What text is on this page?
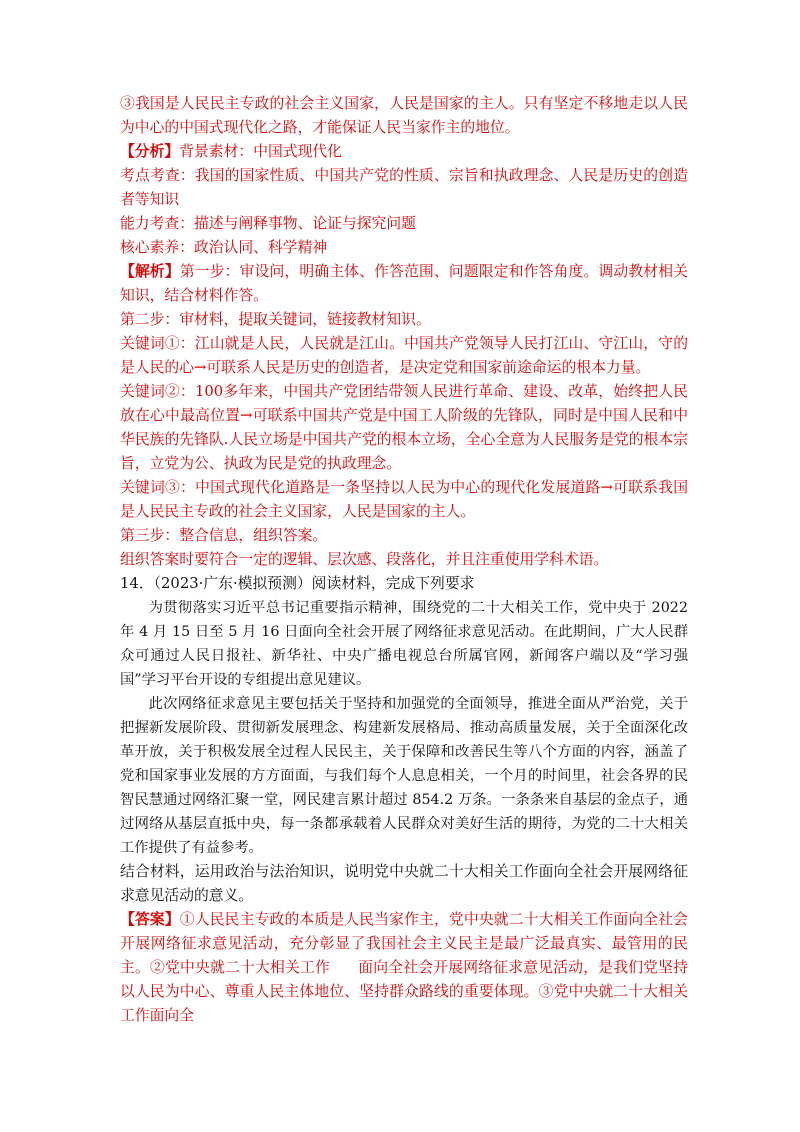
③我国是人民民主专政的社会主义国家，人民是国家的主人。只有坚定不移地走以人民为中心的中国式现代化之路，才能保证人民当家作主的地位。

【分析】背景素材：中国式现代化

考点考查：我国的国家性质、中国共产党的性质、宗旨和执政理念、人民是历史的创造者等知识

能力考查：描述与阐释事物、论证与探究问题

核心素养：政治认同、科学精神

【解析】第一步：审设问，明确主体、作答范围、问题限定和作答角度。调动教材相关知识，结合材料作答。

第二步：审材料，提取关键词，链接教材知识。

关键词①：江山就是人民，人民就是江山。中国共产党领导人民打江山、守江山，守的是人民的心→可联系人民是历史的创造者，是决定党和国家前途命运的根本力量。

关键词②：100多年来，中国共产党团结带领人民进行革命、建设、改革，始终把人民放在心中最高位置→可联系中国共产党是中国工人阶级的先锋队，同时是中国人民和中华民族的先锋队.人民立场是中国共产党的根本立场，全心全意为人民服务是党的根本宗旨，立党为公、执政为民是党的执政理念。

关键词③：中国式现代化道路是一条坚持以人民为中心的现代化发展道路→可联系我国是人民民主专政的社会主义国家，人民是国家的主人。

第三步：整合信息，组织答案。

组织答案时要符合一定的逻辑、层次感、段落化，并且注重使用学科术语。

14．（2023·广东·模拟预测）阅读材料，完成下列要求

为贯彻落实习近平总书记重要指示精神，围绕党的二十大相关工作，党中央于 2022 年 4 月 15 日至 5 月 16 日面向全社会开展了网络征求意见活动。在此期间，广大人民群众可通过人民日报社、新华社、中央广播电视总台所属官网，新闻客户端以及“学习强国”学习平台开设的专组提出意见建议。

此次网络征求意见主要包括关于坚持和加强党的全面领导，推进全面从严治党，关于把握新发展阶段、贯彻新发展理念、构建新发展格局、推动高质量发展，关于全面深化改革开放，关于积极发展全过程人民民主，关于保障和改善民生等八个方面的内容，涵盖了党和国家事业发展的方方面面，与我们每个人息息相关，一个月的时间里，社会各界的民智民慧通过网络汇聚一堂，网民建言累计超过 854.2 万条。一条条来自基层的金点子，通过网络从基层直抵中央，每一条都承载着人民群众对美好生活的期待，为党的二十大相关工作提供了有益参考。

结合材料，运用政治与法治知识，说明党中央就二十大相关工作面向全社会开展网络征求意见活动的意义。

【答案】①人民民主专政的本质是人民当家作主，党中央就二十大相关工作面向全社会开展网络征求意见活动，充分彰显了我国社会主义民主是最广泛最真实、最管用的民主。②党中央就二十大相关工作 面向全社会开展网络征求意见活动，是我们党坚持以人民为中心、尊重人民主体地位、坚持群众路线的重要体现。③党中央就二十大相关工作面向全
